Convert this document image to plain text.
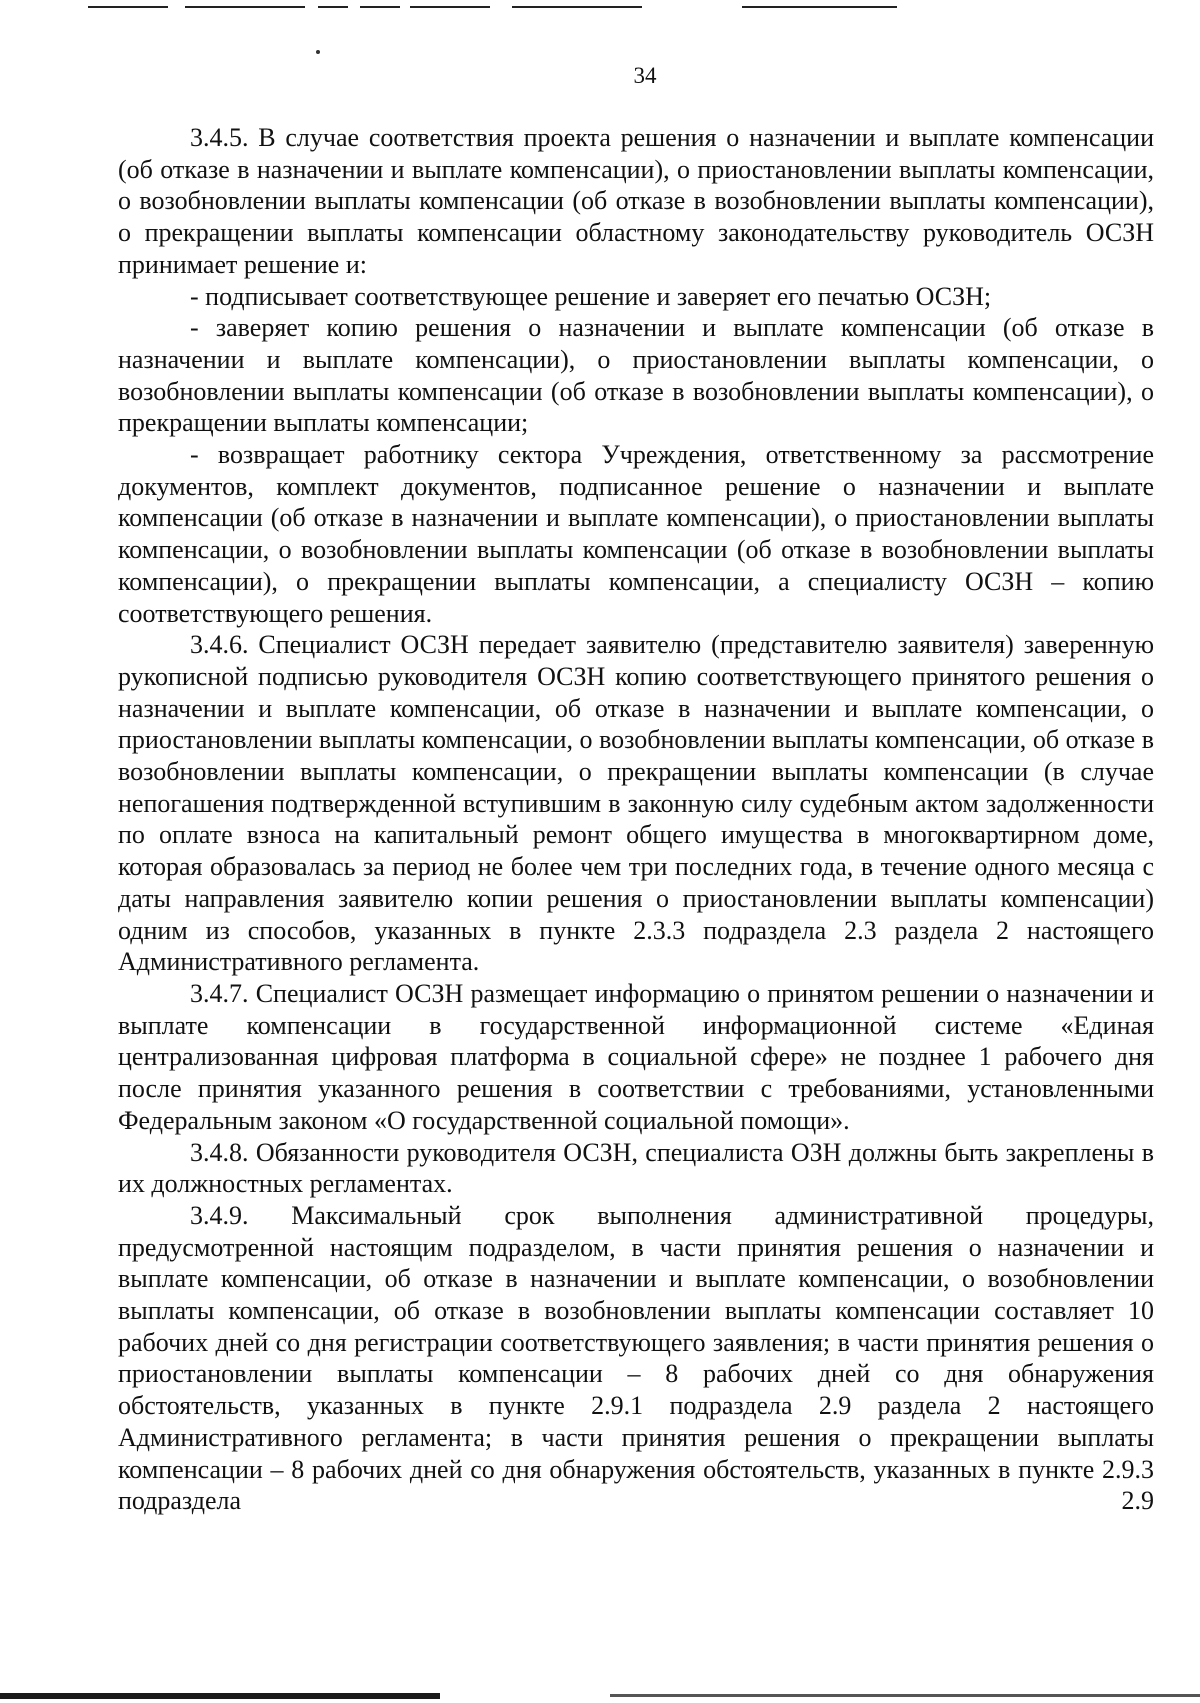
34

3.4.5. В случае соответствия проекта решения о назначении и выплате компенсации (об отказе в назначении и выплате компенсации), о приостановлении выплаты компенсации, о возобновлении выплаты компенсации (об отказе в возобновлении выплаты компенсации), о прекращении выплаты компенсации областному законодательству руководитель ОСЗН принимает решение и:

- подписывает соответствующее решение и заверяет его печатью ОСЗН;

- заверяет копию решения о назначении и выплате компенсации (об отказе в назначении и выплате компенсации), о приостановлении выплаты компенсации, о возобновлении выплаты компенсации (об отказе в возобновлении выплаты компенсации), о прекращении выплаты компенсации;

- возвращает работнику сектора Учреждения, ответственному за рассмотрение документов, комплект документов, подписанное решение о назначении и выплате компенсации (об отказе в назначении и выплате компенсации), о приостановлении выплаты компенсации, о возобновлении выплаты компенсации (об отказе в возобновлении выплаты компенсации), о прекращении выплаты компенсации, а специалисту ОСЗН – копию соответствующего решения.

3.4.6. Специалист ОСЗН передает заявителю (представителю заявителя) заверенную рукописной подписью руководителя ОСЗН копию соответствующего принятого решения о назначении и выплате компенсации, об отказе в назначении и выплате компенсации, о приостановлении выплаты компенсации, о возобновлении выплаты компенсации, об отказе в возобновлении выплаты компенсации, о прекращении выплаты компенсации (в случае непогашения подтвержденной вступившим в законную силу судебным актом задолженности по оплате взноса на капитальный ремонт общего имущества в многоквартирном доме, которая образовалась за период не более чем три последних года, в течение одного месяца с даты направления заявителю копии решения о приостановлении выплаты компенсации) одним из способов, указанных в пункте 2.3.3 подраздела 2.3 раздела 2 настоящего Административного регламента.

3.4.7. Специалист ОСЗН размещает информацию о принятом решении о назначении и выплате компенсации в государственной информационной системе «Единая централизованная цифровая платформа в социальной сфере» не позднее 1 рабочего дня после принятия указанного решения в соответствии с требованиями, установленными Федеральным законом «О государственной социальной помощи».

3.4.8. Обязанности руководителя ОСЗН, специалиста ОЗН должны быть закреплены в их должностных регламентах.

3.4.9. Максимальный срок выполнения административной процедуры, предусмотренной настоящим подразделом, в части принятия решения о назначении и выплате компенсации, об отказе в назначении и выплате компенсации, о возобновлении выплаты компенсации, об отказе в возобновлении выплаты компенсации составляет 10 рабочих дней со дня регистрации соответствующего заявления; в части принятия решения о приостановлении выплаты компенсации – 8 рабочих дней со дня обнаружения обстоятельств, указанных в пункте 2.9.1 подраздела 2.9 раздела 2 настоящего Административного регламента; в части принятия решения о прекращении выплаты компенсации – 8 рабочих дней со дня обнаружения обстоятельств, указанных в пункте 2.9.3 подраздела 2.9
